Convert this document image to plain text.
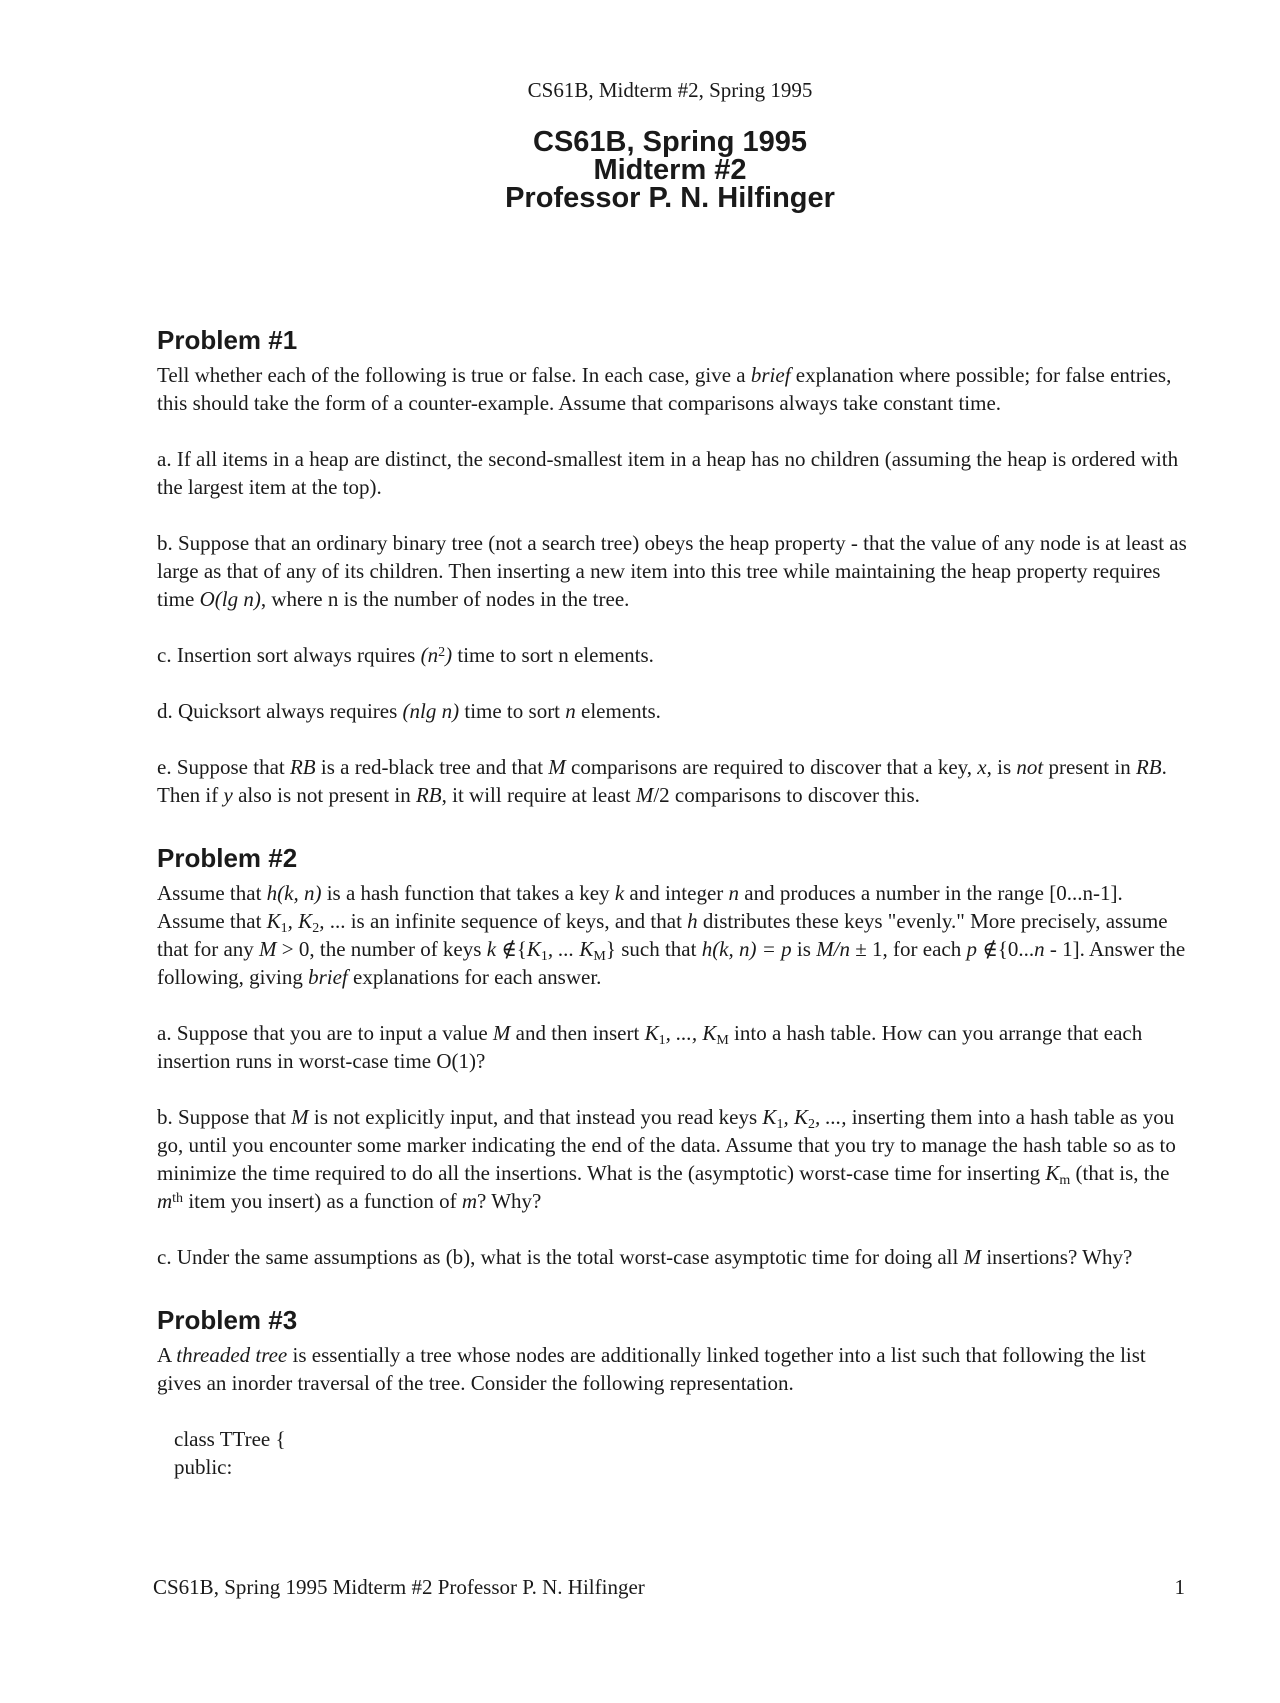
CS61B, Midterm #2, Spring 1995
CS61B, Spring 1995
Midterm #2
Professor P. N. Hilfinger
Problem #1

Tell whether each of the following is true or false. In each case, give a brief explanation where possible; for false entries, this should take the form of a counter-example. Assume that comparisons always take constant time.

a. If all items in a heap are distinct, the second-smallest item in a heap has no children (assuming the heap is ordered with the largest item at the top).

b. Suppose that an ordinary binary tree (not a search tree) obeys the heap property - that the value of any node is at least as large as that of any of its children. Then inserting a new item into this tree while maintaining the heap property requires time O(lg n), where n is the number of nodes in the tree.

c. Insertion sort always rquires $(n^2)$ time to sort n elements.

d. Quicksort always requires (nlg n) time to sort n elements.

e. Suppose that RB is a red-black tree and that M comparisons are required to discover that a key, x, is not present in RB. Then if y also is not present in RB, it will require at least M/2 comparisons to discover this.

Problem #2

Assume that h(k, n) is a hash function that takes a key k and integer n and produces a number in the range [0...n-1]. Assume that $K_1$, $K_2$, ... is an infinite sequence of keys, and that h distributes these keys "evenly." More precisely, assume that for any M > 0, the number of keys k $\notin\{K_1$, ... $K_M$} such that h(k, n) = p is M/n ± 1, for each p ∉{0...n - 1]. Answer the following, giving brief explanations for each answer.

a. Suppose that you are to input a value M and then insert $K_1$, ..., $K_M$ into a hash table. How can you arrange that each insertion runs in worst-case time O(1)?

b. Suppose that M is not explicitly input, and that instead you read keys $K_1$, $K_2$, ..., inserting them into a hash table as you go, until you encounter some marker indicating the end of the data. Assume that you try to manage the hash table so as to minimize the time required to do all the insertions. What is the (asymptotic) worst-case time for inserting $K_m$ (that is, the $m^{th}$ item you insert) as a function of m? Why?

c. Under the same assumptions as (b), what is the total worst-case asymptotic time for doing all M insertions? Why?

Problem #3

A threaded tree is essentially a tree whose nodes are additionally linked together into a list such that following the list gives an inorder traversal of the tree. Consider the following representation.

class TTree {

public:

CS61B, Spring 1995 Midterm #2 Professor P. N. Hilfinger	1
